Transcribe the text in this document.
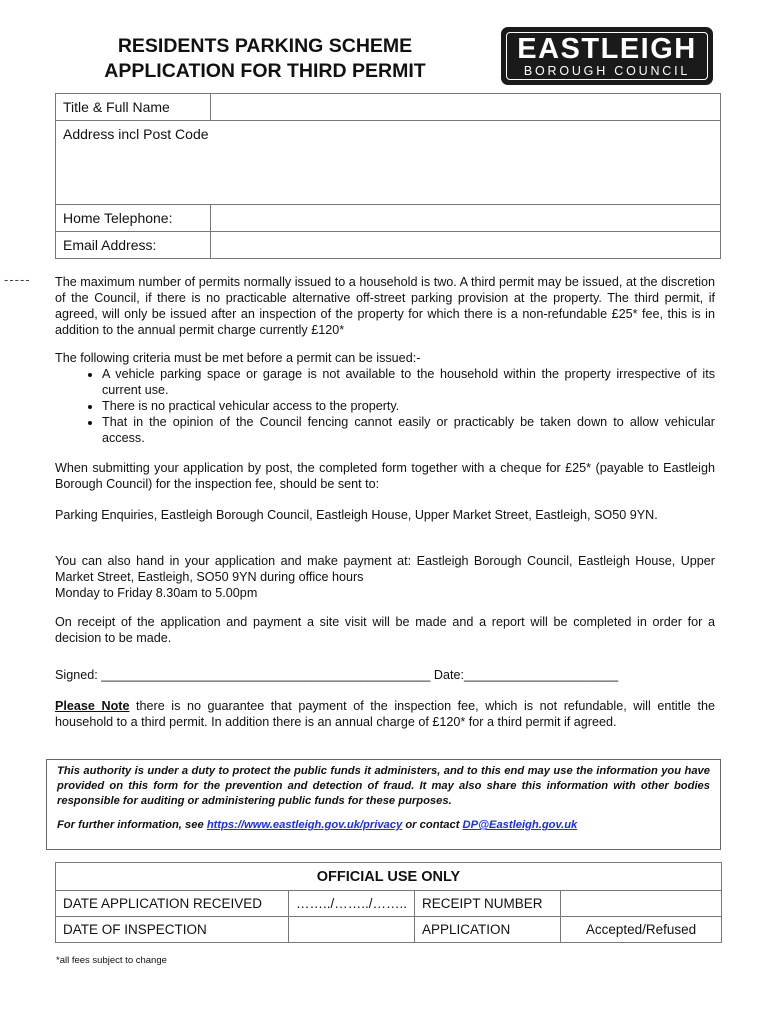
RESIDENTS PARKING SCHEME
APPLICATION FOR THIRD PERMIT
EASTLEIGH
BOROUGH COUNCIL
Title & Full Name	
Address incl Post Code	

Home Telephone:	
Email Address:	
----- The maximum number of permits normally issued to a household is two. A third permit may be issued, at the discretion of the Council, if there is no practicable alternative off-street parking provision at the property. The third permit, if agreed, will only be issued after an inspection of the property for which there is a non-refundable £25* fee, this is in addition to the annual permit charge currently £120*

The following criteria must be met before a permit can be issued:-

• A vehicle parking space or garage is not available to the household within the property irrespective of its current use.
• There is no practical vehicular access to the property.
• That in the opinion of the Council fencing cannot easily or practicably be taken down to allow vehicular access.

When submitting your application by post, the completed form together with a cheque for £25* (payable to Eastleigh Borough Council) for the inspection fee, should be sent to:

Parking Enquiries, Eastleigh Borough Council, Eastleigh House, Upper Market Street, Eastleigh, SO50 9YN.

You can also hand in your application and make payment at: Eastleigh Borough Council, Eastleigh House, Upper Market Street, Eastleigh, SO50 9YN during office hours

Monday to Friday 8.30am to 5.00pm

On receipt of the application and payment a site visit will be made and a report will be completed in order for a decision to be made.

Signed: _______________________________________________ Date:______________________

Please Note there is no guarantee that payment of the inspection fee, which is not refundable, will entitle the household to a third permit. In addition there is an annual charge of £120* for a third permit if agreed.

This authority is under a duty to protect the public funds it administers, and to this end may use the information you have provided on this form for the prevention and detection of fraud. It may also share this information with other bodies responsible for auditing or administering public funds for these purposes.
For further information, see https://www.eastleigh.gov.uk/privacy or contact DP@Eastleigh.gov.uk
OFFICIAL USE ONLY			
DATE APPLICATION RECEIVED	……../……../……..	RECEIPT NUMBER	
DATE OF INSPECTION		APPLICATION	Accepted/Refused
*all fees subject to change
